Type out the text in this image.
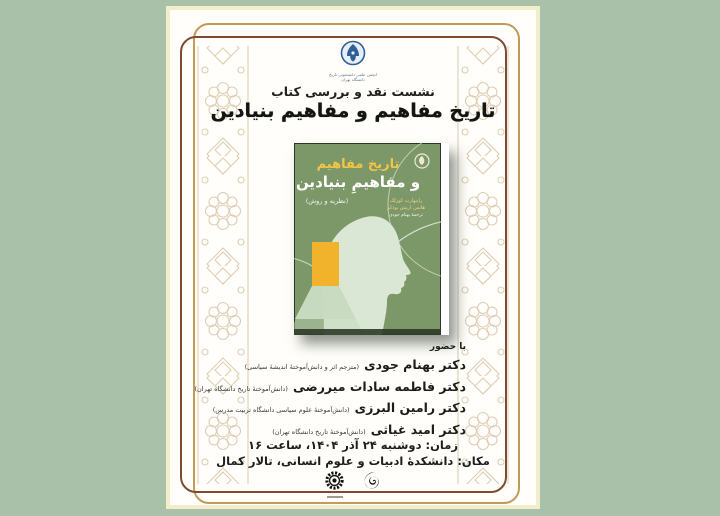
انجمن علمی دانشجویی تاریخ
دانشگاه تهران
نشست نقد و بررسی کتاب
تاریخ مفاهیم و مفاهیم بنیادین
تاریخ مفاهیم
و مفاهیمِ بنیادین
(نظریه و روش)	راینهارت کوزلک
هانس اریش بودکر
ترجمهٔ بهنام جودی
با حضور
دکتر بهنام جودی (مترجم اثر و دانش‌آموختهٔ اندیشهٔ سیاسی)
دکتر فاطمه سادات میررضی (دانش‌آموختهٔ تاریخ دانشگاه تهران)
دکتر رامین البرزی (دانش‌آموختهٔ علوم سیاسی دانشگاه تربیت مدرس)
دکتر امید غیاثی (دانش‌آموختهٔ تاریخ دانشگاه تهران)
زمان: دوشنبه ۲۴ آذر ۱۴۰۴، ساعت ۱۶
مکان: دانشکدهٔ ادبیات و علوم انسانی، تالار کمال
